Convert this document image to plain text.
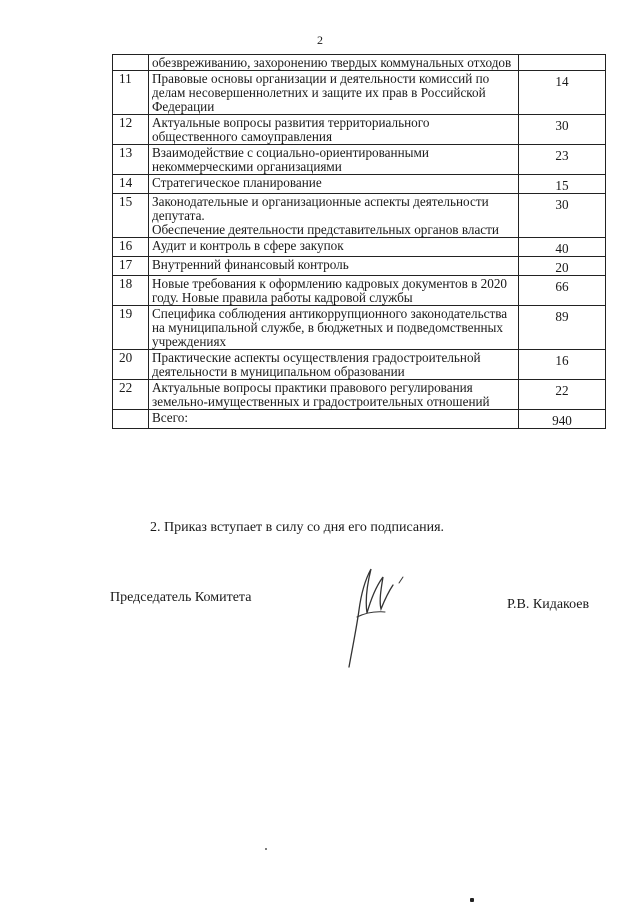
2
	обезвреживанию, захоронению твердых коммунальных отходов	
11	Правовые основы организации и деятельности комиссий по делам несовершеннолетних и защите их прав в Российской Федерации	14
12	Актуальные вопросы развития территориального общественного самоуправления	30
13	Взаимодействие с социально-ориентированными некоммерческими организациями	23
14	Стратегическое планирование	15
15	Законодательные и организационные аспекты деятельности депутата.
Обеспечение деятельности представительных органов власти	30
16	Аудит и контроль в сфере закупок	40
17	Внутренний финансовый контроль	20
18	Новые требования к оформлению кадровых документов в 2020 году. Новые правила работы кадровой службы	66
19	Специфика соблюдения антикоррупционного законодательства на муниципальной службе, в бюджетных и подведомственных учреждениях	89
20	Практические аспекты осуществления градостроительной деятельности в муниципальном образовании	16
22	Актуальные вопросы практики правового регулирования земельно-имущественных и градостроительных отношений	22
	Всего:	940
2. Приказ вступает в силу со дня его подписания.
Председатель Комитета	Р.В. Кидакоев
